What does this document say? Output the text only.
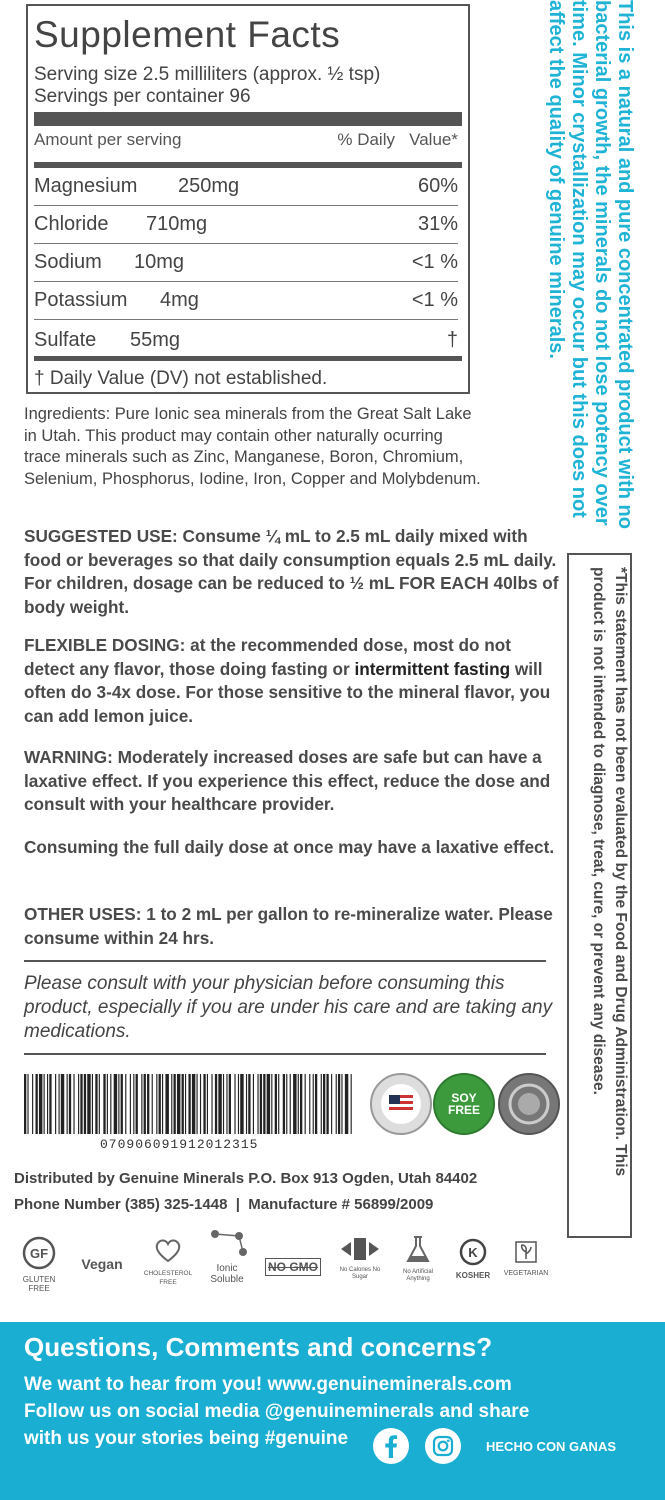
Supplement Facts
Serving size 2.5 milliliters (approx. ½ tsp)
Servings per container 96
Amount per serving	% Daily   Value*
Magnesium 250mg	60%
Chloride 710mg	31%
Sodium 10mg	<1 %
Potassium 4mg	<1 %
Sulfate 55mg	†
† Daily Value (DV) not established.
Ingredients: Pure Ionic sea minerals from the Great Salt Lake in Utah. This product may contain other naturally ocurring trace minerals such as Zinc, Manganese, Boron, Chromium, Selenium, Phosphorus, Iodine, Iron, Copper and Molybdenum.
SUGGESTED USE: Consume ¼ mL to 2.5 mL daily mixed with food or beverages so that daily consumption equals 2.5 mL daily. For children, dosage can be reduced to ½ mL FOR EACH 40lbs of body weight.
FLEXIBLE DOSING: at the recommended dose, most do not detect any flavor, those doing fasting or intermittent fasting will often do 3-4x dose. For those sensitive to the mineral flavor, you can add lemon juice.
WARNING: Moderately increased doses are safe but can have a laxative effect. If you experience this effect, reduce the dose and consult with your healthcare provider.
Consuming the full daily dose at once may have a laxative effect.
OTHER USES: 1 to 2 mL per gallon to re-mineralize water. Please consume within 24 hrs.
Please consult with your physician before consuming this product, especially if you are under his care and are taking any medications.
070906091912012315
SOY FREE
Distributed by Genuine Minerals P.O. Box 913 Ogden, Utah 84402
Phone Number (385) 325-1448  |  Manufacture # 56899/2009
GF
GLUTEN FREE
Vegan
CHOLESTEROL FREE
Ionic Soluble
NO GMO	No Calories No Sugar
No Artificial Anything
K
KOSHER	VEGETARIAN
This is a natural and pure concentrated product with no bacterial growth, the minerals do not lose potency over time. Minor crystallization may occur but this does not affect the quality of genuine minerals.
*This statement has not been evaluated by the Food and Drug Administration. This product is not intended to diagnose, treat, cure, or prevent any disease.
Questions, Comments and concerns?
We want to hear from you! www.genuineminerals.com
Follow us on social media @genuineminerals and share
with us your stories being #genuine	HECHO CON GANAS
